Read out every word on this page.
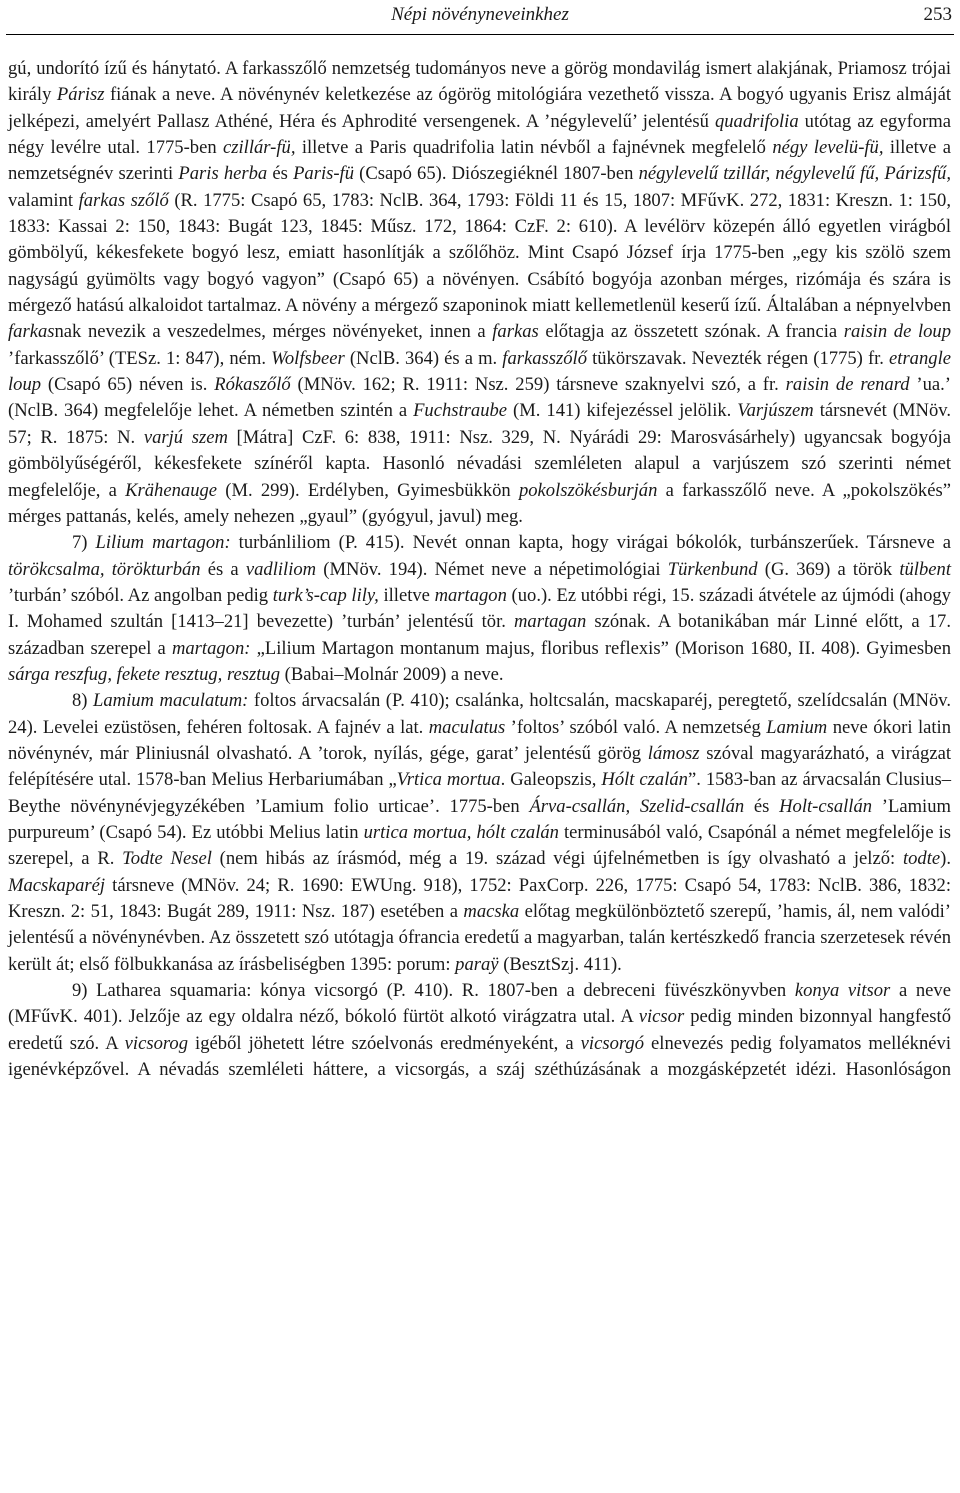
Népi növényneveinkhez	253

gú, undorító ízű és hánytató. A farkasszőlő nemzetség tudományos neve a görög mondavilág ismert alakjának, Priamosz trójai király Párisz fiának a neve. A növénynév keletkezése az ógörög mitológiára vezethető vissza. A bogyó ugyanis Erisz almáját jelképezi, amelyért Pallasz Athéné, Héra és Aphrodité versengenek. A ’négylevelű’ jelentésű quadrifolia utótag az egyforma négy levélre utal. 1775-ben czillár-fü, illetve a Paris quadrifolia latin névből a fajnévnek megfelelő négy levelü-fü, illetve a nemzetségnév szerinti Paris herba és Paris-fü (Csapó 65). Diószegiéknél 1807-ben négylevelű tzillár, négylevelű fű, Párizsfű, valamint farkas szőlő (R. 1775: Csapó 65, 1783: NclB. 364, 1793: Földi 11 és 15, 1807: MFűvK. 272, 1831: Kreszn. 1: 150, 1833: Kassai 2: 150, 1843: Bugát 123, 1845: Műsz. 172, 1864: CzF. 2: 610). A levélörv közepén álló egyetlen virágból gömbölyű, kékesfekete bogyó lesz, emiatt hasonlítják a szőlőhöz. Mint Csapó József írja 1775-ben „egy kis szölö szem nagyságú gyümölts vagy bogyó vagyon” (Csapó 65) a növényen. Csábító bogyója azonban mérges, rizómája és szára is mérgező hatású alkaloidot tartalmaz. A növény a mérgező szaponinok miatt kellemetlenül keserű ízű. Általában a népnyelvben farkasnak nevezik a veszedelmes, mérges növényeket, innen a farkas előtagja az összetett szónak. A francia raisin de loup ’farkasszőlő’ (TESz. 1: 847), ném. Wolfsbeer (NclB. 364) és a m. farkasszőlő tükörszavak. Nevezték régen (1775) fr. etrangle loup (Csapó 65) néven is. Rókaszőlő (MNöv. 162; R. 1911: Nsz. 259) társneve szaknyelvi szó, a fr. raisin de renard ’ua.’ (NclB. 364) megfelelője lehet. A németben szintén a Fuchstraube (M. 141) kifejezéssel jelölik. Varjúszem társnevét (MNöv. 57; R. 1875: N. varjú szem [Mátra] CzF. 6: 838, 1911: Nsz. 329, N. Nyárádi 29: Marosvásárhely) ugyancsak bogyója gömbölyűségéről, kékesfekete színéről kapta. Hasonló névadási szemléleten alapul a varjúszem szó szerinti német megfelelője, a Krähenauge (M. 299). Erdélyben, Gyimesbükkön pokolszökésburján a farkasszőlő neve. A „pokolszökés” mérges pattanás, kelés, amely nehezen „gyaul” (gyógyul, javul) meg.

7) Lilium martagon: turbánliliom (P. 415). Nevét onnan kapta, hogy virágai bókolók, turbánszerűek. Társneve a törökcsalma, törökturbán és a vadliliom (MNöv. 194). Német neve a népetimológiai Türkenbund (G. 369) a török tülbent ’turbán’ szóból. Az angolban pedig turk’s-cap lily, illetve martagon (uo.). Ez utóbbi régi, 15. századi átvétele az újmódi (ahogy I. Mohamed szultán [1413–21] bevezette) ’turbán’ jelentésű tör. martagan szónak. A botanikában már Linné előtt, a 17. században szerepel a martagon: „Lilium Martagon montanum majus, floribus reflexis” (Morison 1680, II. 408). Gyimesben sárga reszfug, fekete resztug, resztug (Babai–Molnár 2009) a neve.

8) Lamium maculatum: foltos árvacsalán (P. 410); csalánka, holtcsalán, macskaparéj, peregtető, szelídcsalán (MNöv. 24). Levelei ezüstösen, fehéren foltosak. A fajnév a lat. maculatus ’foltos’ szóból való. A nemzetség Lamium neve ókori latin növénynév, már Pliniusnál olvasható. A ’torok, nyílás, gége, garat’ jelentésű görög lámosz szóval magyarázható, a virágzat felépítésére utal. 1578-ban Melius Herbariumában „Vrtica mortua. Galeopszis, Hólt czalán”. 1583-ban az árvacsalán Clusius–Beythe növénynévjegyzékében ’Lamium folio urticae’. 1775-ben Árva-csallán, Szelid-csallán és Holt-csallán ’Lamium purpureum’ (Csapó 54). Ez utóbbi Melius latin urtica mortua, hólt czalán terminusából való, Csapónál a német megfelelője is szerepel, a R. Todte Nesel (nem hibás az írásmód, még a 19. század végi újfelnémetben is így olvasható a jelző: todte). Macskaparéj társneve (MNöv. 24; R. 1690: EWUng. 918), 1752: PaxCorp. 226, 1775: Csapó 54, 1783: NclB. 386, 1832: Kreszn. 2: 51, 1843: Bugát 289, 1911: Nsz. 187) esetében a macska előtag megkülönböztető szerepű, ’hamis, ál, nem valódi’ jelentésű a növénynévben. Az összetett szó utótagja ófrancia eredetű a magyarban, talán kertészkedő francia szerzetesek révén került át; első fölbukkanása az írásbeliségben 1395: porum: paraÿ (BesztSzj. 411).

9) Latharea squamaria: kónya vicsorgó (P. 410). R. 1807-ben a debreceni füvészkönyvben konya vitsor a neve (MFűvK. 401). Jelzője az egy oldalra néző, bókoló fürtöt alkotó virágzatra utal. A vicsor pedig minden bizonnyal hangfestő eredetű szó. A vicsorog igéből jöhetett létre szóelvonás eredményeként, a vicsorgó elnevezés pedig folyamatos melléknévi igenévképzővel. A névadás szemléleti háttere, a vicsorgás, a száj széthúzásának a mozgásképzetét idézi. Hasonlóságon
